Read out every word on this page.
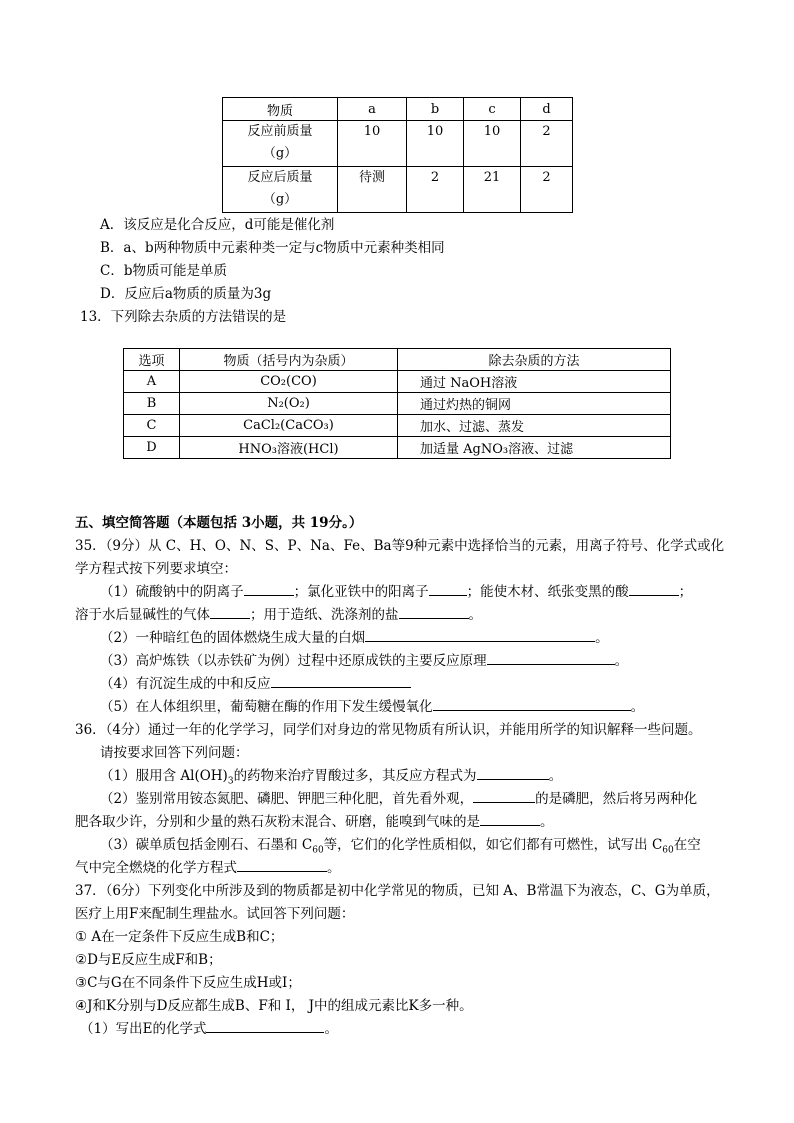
物质	a	b	c	d
反应前质量
（g）	10	10	10	2
反应后质量
（g）	待测	2	21	2
A．该反应是化合反应，d可能是催化剂
B．a、b两种物质中元素种类一定与c物质中元素种类相同
C．b物质可能是单质
D．反应后a物质的质量为3g
13．下列除去杂质的方法错误的是
选项	物质（括号内为杂质）	除去杂质的方法
A	CO₂(CO)	通过 NaOH溶液
B	N₂(O₂)	通过灼热的铜网
C	CaCl₂(CaCO₃)	加水、过滤、蒸发
D	HNO₃溶液(HCl)	加适量 AgNO₃溶液、过滤
五、填空简答题（本题包括 3小题，共 19分。）
35．（9分）从 C、H、O、N、S、P、Na、Fe、Ba等9种元素中选择恰当的元素，用离子符号、化学式或化
学方程式按下列要求填空：
（1）硫酸钠中的阴离子	；氯化亚铁中的阳离子	；能使木材、纸张变黑的酸	；
溶于水后显碱性的气体	；用于造纸、洗涤剂的盐	。
（2）一种暗红色的固体燃烧生成大量的白烟	。
（3）高炉炼铁（以赤铁矿为例）过程中还原成铁的主要反应原理	。
（4）有沉淀生成的中和反应
（5）在人体组织里，葡萄糖在酶的作用下发生缓慢氧化	。
36．（4分）通过一年的化学学习，同学们对身边的常见物质有所认识，并能用所学的知识解释一些问题。
请按要求回答下列问题：
（1）服用含 $Al(OH)_3$的药物来治疗胃酸过多，其反应方程式为	。
（2）鉴别常用铵态氮肥、磷肥、钾肥三种化肥，首先看外观，	的是磷肥，然后将另两种化
肥各取少许，分别和少量的熟石灰粉末混合、研磨，能嗅到气味的是	。
（3）碳单质包括金刚石、石墨和 $C_{60}$等，它们的化学性质相似，如它们都有可燃性，试写出 $C_{60}$在空
气中完全燃烧的化学方程式	。
37．（6分）下列变化中所涉及到的物质都是初中化学常见的物质，已知 A、B常温下为液态，C、G为单质，
医疗上用F来配制生理盐水。试回答下列问题：
① A在一定条件下反应生成B和C；
②D与E反应生成F和B；
③C与G在不同条件下反应生成H或I；
④J和K分别与D反应都生成B、F和 I， J中的组成元素比K多一种。
（1）写出E的化学式	。
